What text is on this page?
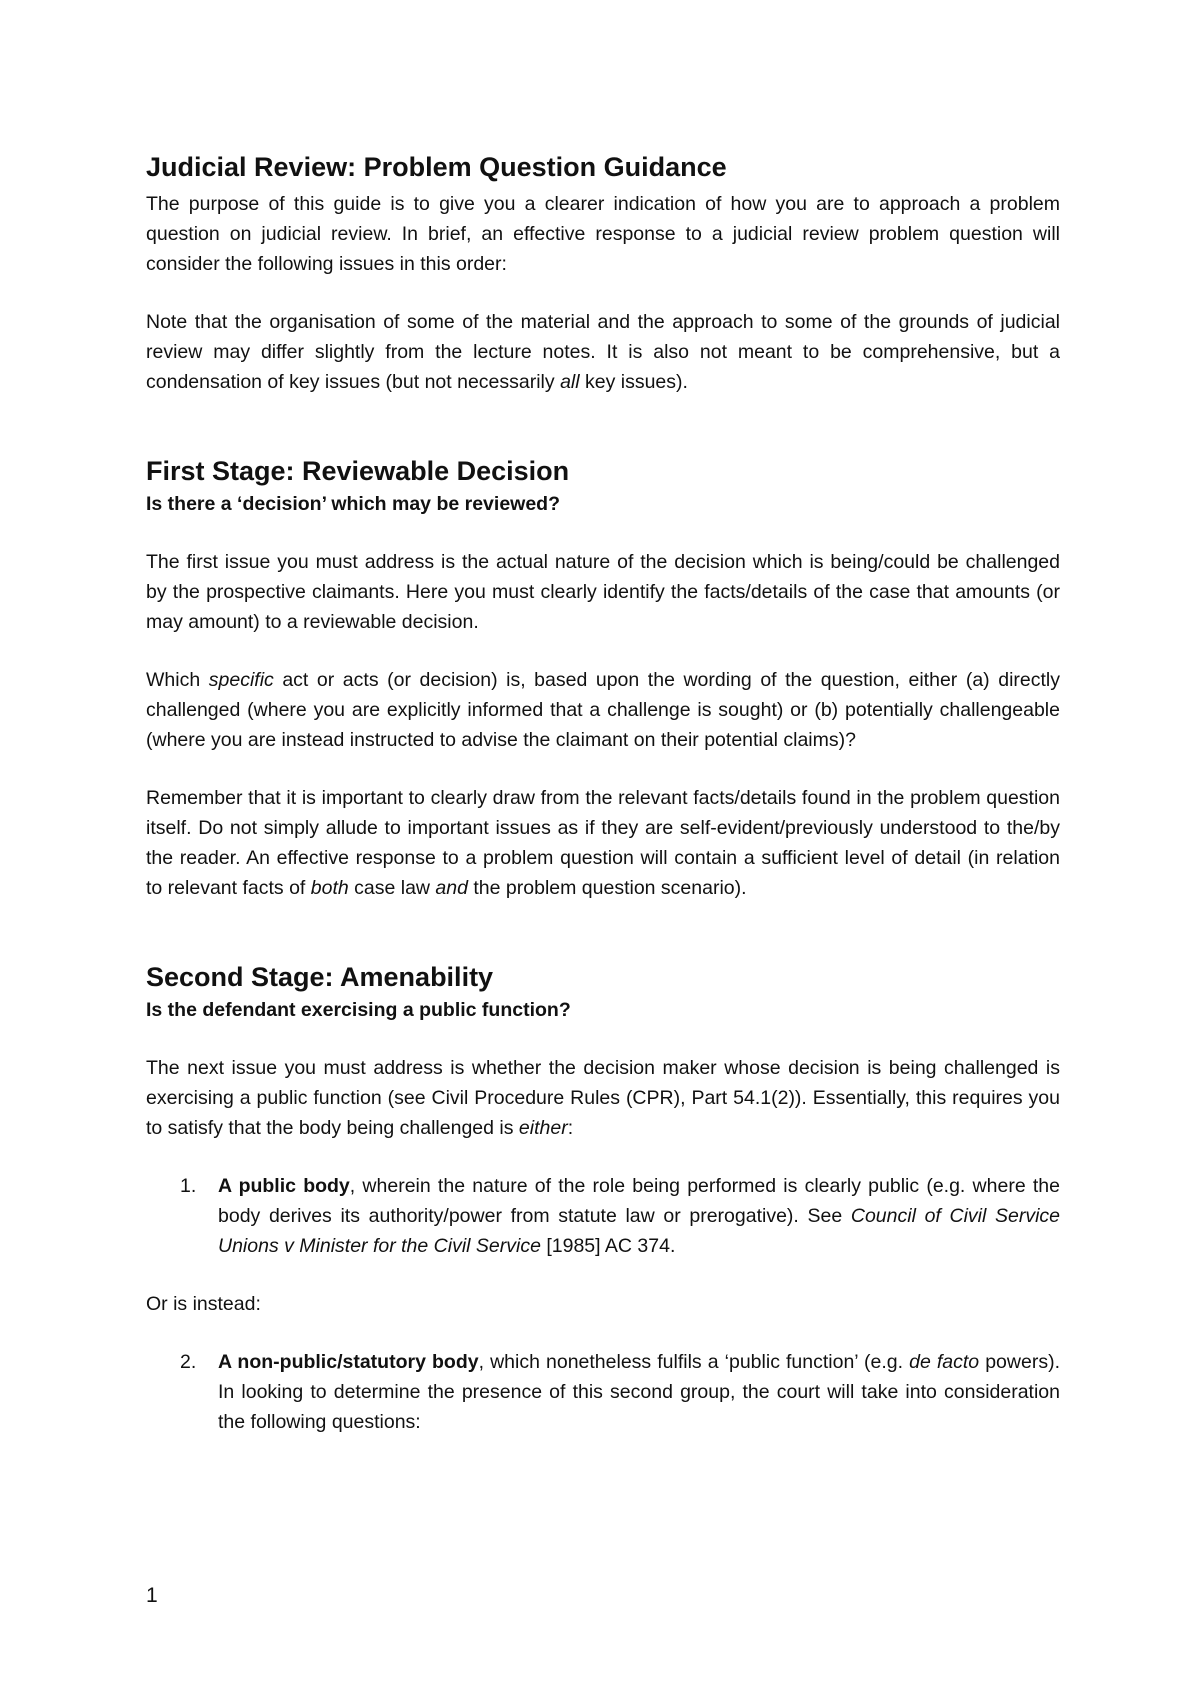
Judicial Review: Problem Question Guidance

The purpose of this guide is to give you a clearer indication of how you are to approach a problem question on judicial review. In brief, an effective response to a judicial review problem question will consider the following issues in this order:

Note that the organisation of some of the material and the approach to some of the grounds of judicial review may differ slightly from the lecture notes. It is also not meant to be comprehensive, but a condensation of key issues (but not necessarily all key issues).

First Stage: Reviewable Decision
Is there a ‘decision’ which may be reviewed?

The first issue you must address is the actual nature of the decision which is being/could be challenged by the prospective claimants. Here you must clearly identify the facts/details of the case that amounts (or may amount) to a reviewable decision.

Which specific act or acts (or decision) is, based upon the wording of the question, either (a) directly challenged (where you are explicitly informed that a challenge is sought) or (b) potentially challengeable (where you are instead instructed to advise the claimant on their potential claims)?

Remember that it is important to clearly draw from the relevant facts/details found in the problem question itself. Do not simply allude to important issues as if they are self-evident/previously understood to the/by the reader. An effective response to a problem question will contain a sufficient level of detail (in relation to relevant facts of both case law and the problem question scenario).

Second Stage: Amenability
Is the defendant exercising a public function?

The next issue you must address is whether the decision maker whose decision is being challenged is exercising a public function (see Civil Procedure Rules (CPR), Part 54.1(2)). Essentially, this requires you to satisfy that the body being challenged is either:

1. A public body, wherein the nature of the role being performed is clearly public (e.g. where the body derives its authority/power from statute law or prerogative). See Council of Civil Service Unions v Minister for the Civil Service [1985] AC 374.

Or is instead:

2. A non-public/statutory body, which nonetheless fulfils a ‘public function’ (e.g. de facto powers). In looking to determine the presence of this second group, the court will take into consideration the following questions:
1
